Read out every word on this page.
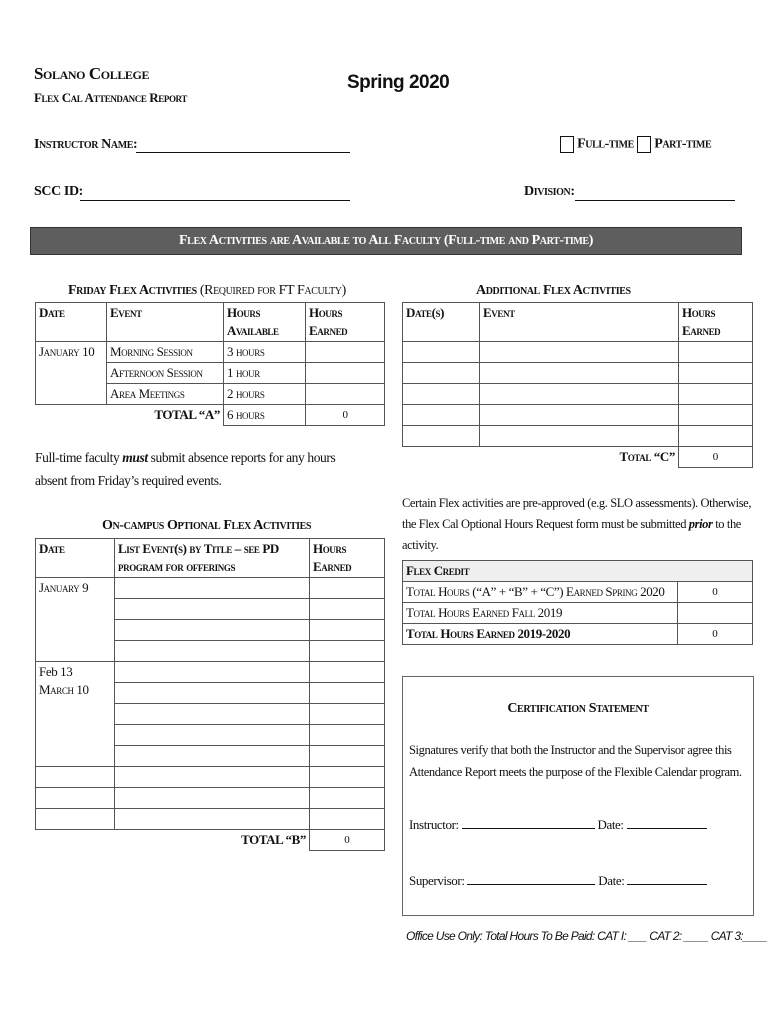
Solano College
Flex Cal Attendance Report
Spring 2020
Instructor Name:	Full-time Part-time
SCC ID:	Division:
Flex Activities are Available to All Faculty (Full-time and Part-time)
Friday Flex Activities (Required for FT Faculty)
Date	Event	Hours Available	Hours Earned
January 10	Morning Session	3 hours	
	Afternoon Session	1 hour	
	Area Meetings	2 hours	
TOTAL “A”		6 hours	0
Full-time faculty must submit absence reports for any hours absent from Friday’s required events.
On-campus Optional Flex Activities
Date	List Event(s) by Title – see PD program for offerings	Hours Earned
January 9		

Feb 13
March 10		

TOTAL “B”		0
Additional Flex Activities
Date(s)	Event	Hours Earned

Total “C”		0
Certain Flex activities are pre-approved (e.g. SLO assessments). Otherwise, the Flex Cal Optional Hours Request form must be submitted prior to the activity.
Flex Credit	
Total Hours (“A” + “B” + “C”) Earned Spring 2020	0
Total Hours Earned Fall 2019	
Total Hours Earned 2019-2020	0
Certification Statement
Signatures verify that both the Instructor and the Supervisor agree this Attendance Report meets the purpose of the Flexible Calendar program.
Instructor:	Date:
Supervisor:	Date:
Office Use Only: Total Hours To Be Paid: CAT I: ___ CAT 2: ____ CAT 3:____
